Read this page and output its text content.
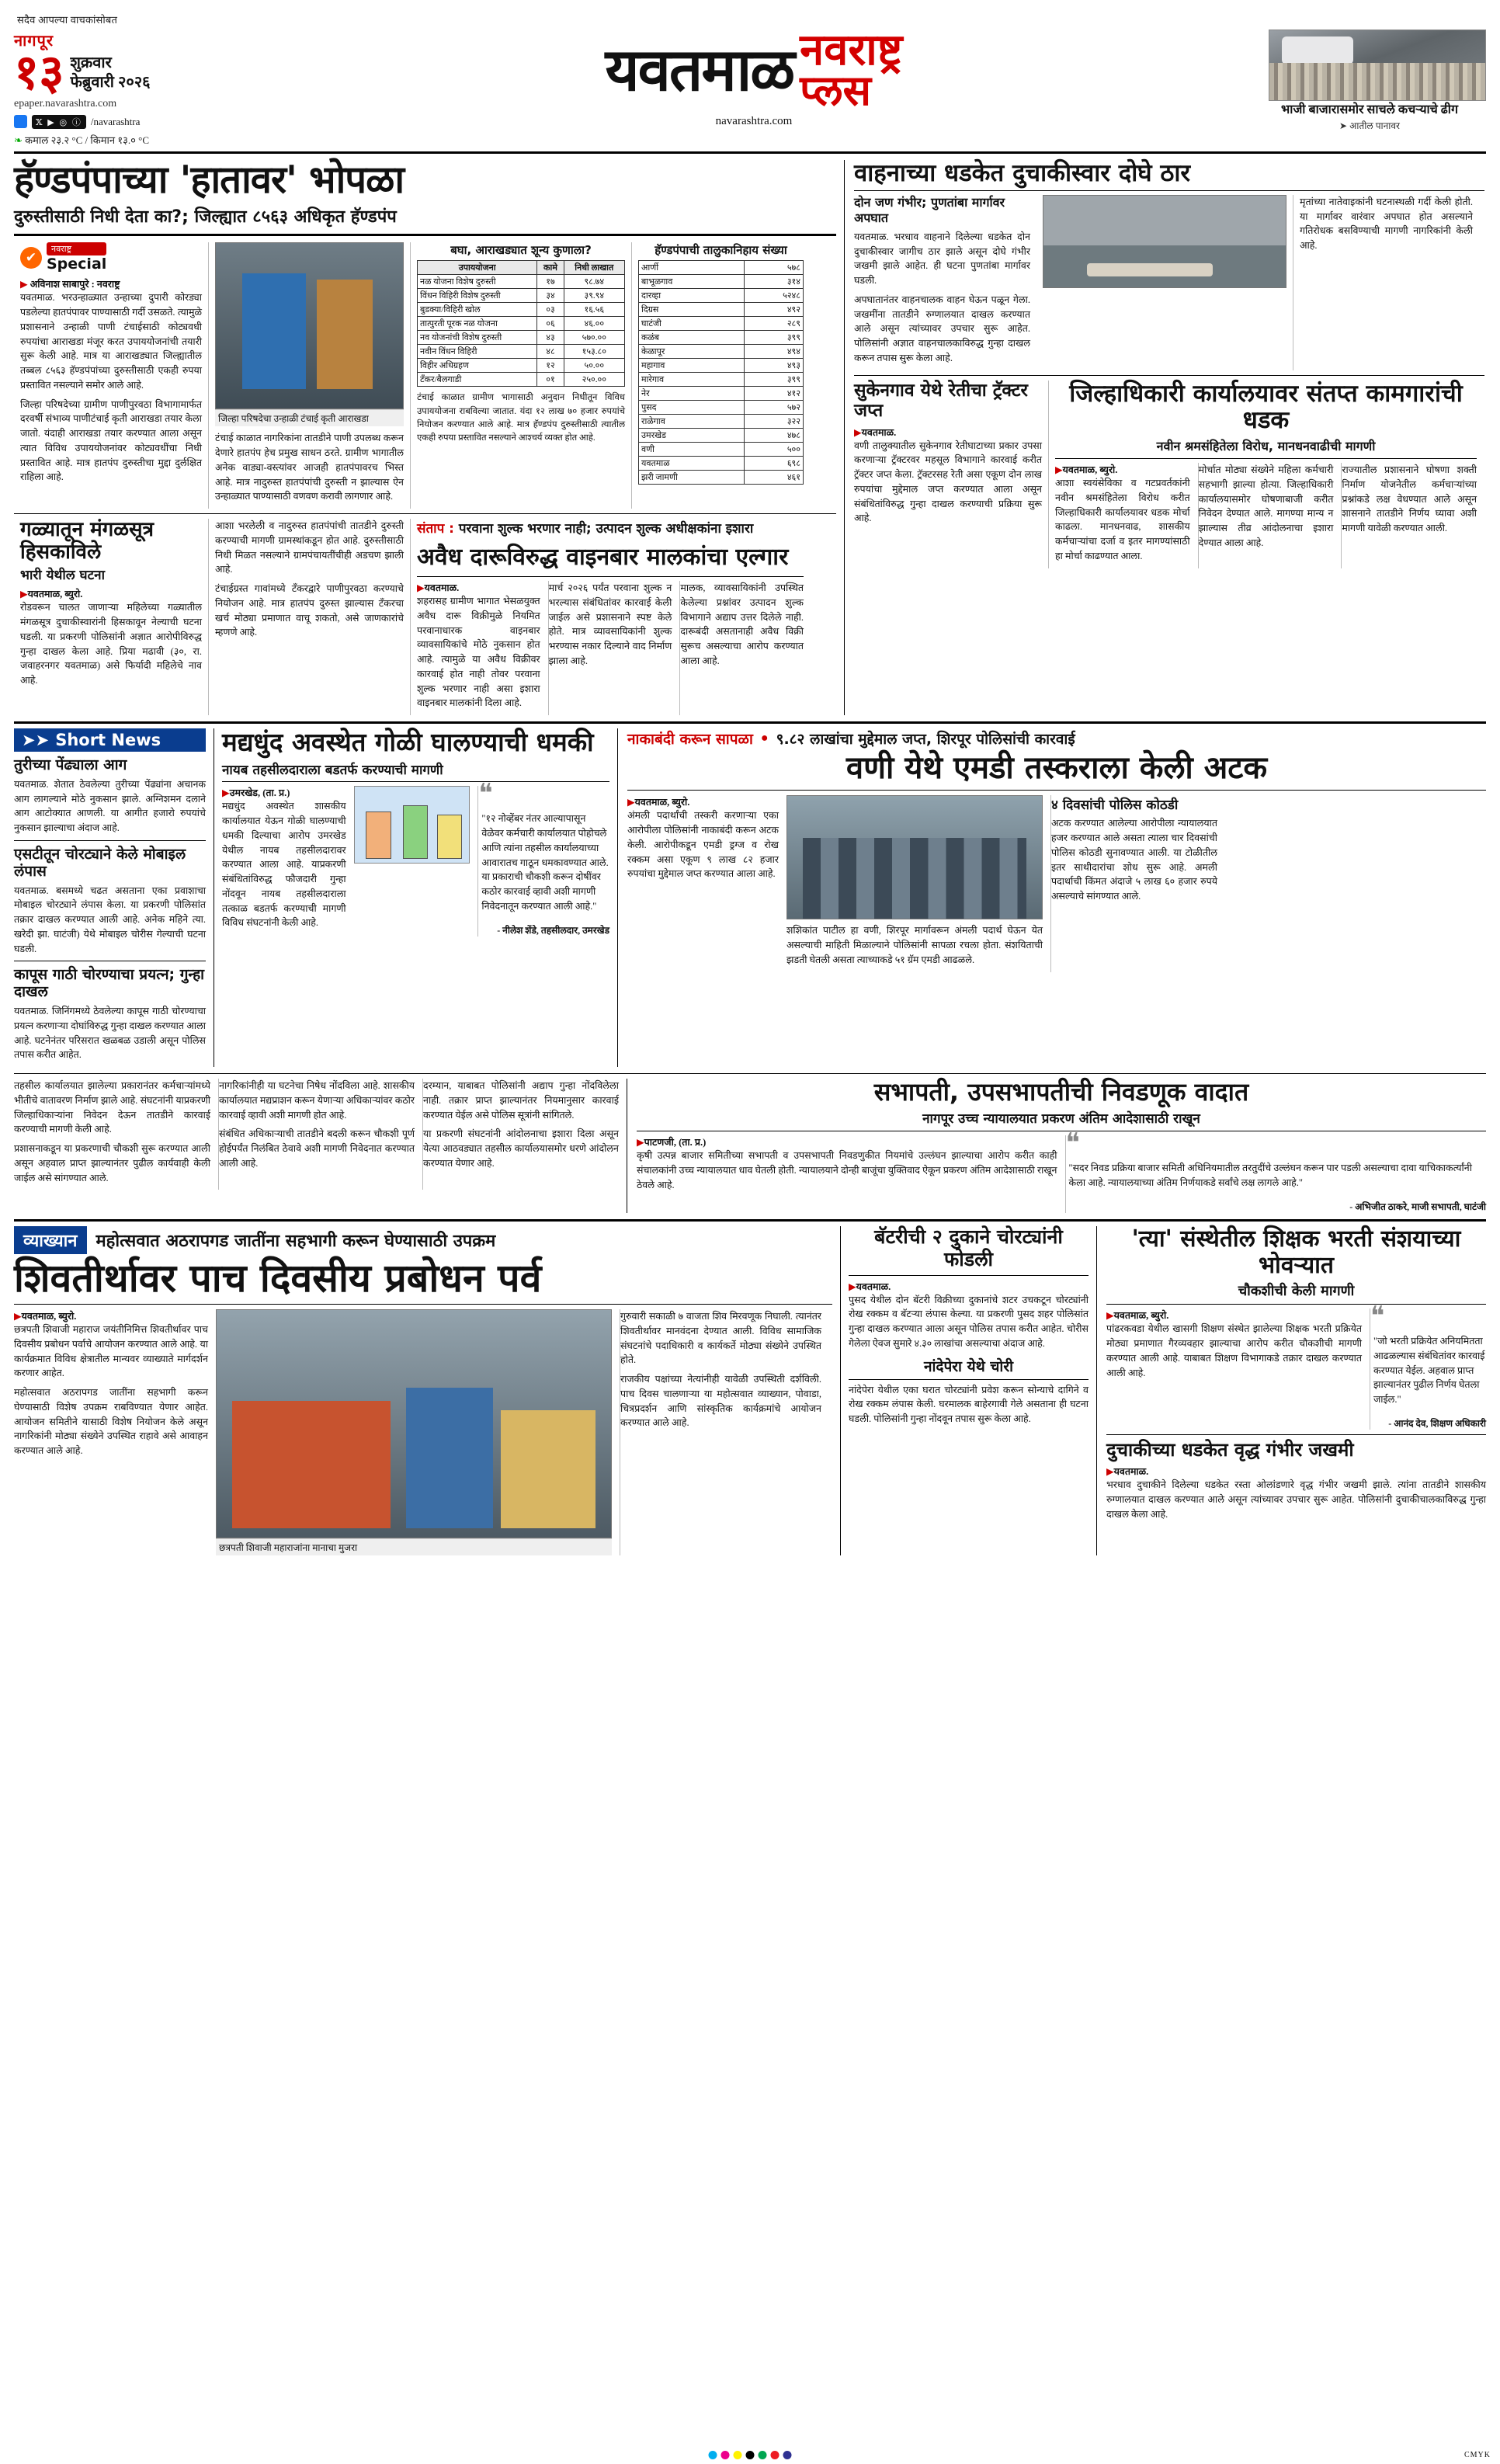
सदैव आपल्या वाचकांसोबत
नागपूर
१३ शुक्रवार
फेब्रुवारी २०२६
epaper.navarashtra.com
𝕏 ▶ ◎ ⓘ /navarashtra
❧ कमाल २३.२ °C / किमान १३.० °C
यवतमाळ नवराष्ट्र
प्लस
navarashtra.com
भाजी बाजारासमोर साचले कचऱ्याचे ढीग
➤ आतील पानावर
हॅण्डपंपाच्या 'हातावर' भोपळा
दुरुस्तीसाठी निधी देता का?; जिल्ह्यात ८५६३ अधिकृत हॅण्डपंप
✔
नवराष्ट्र
Special
▶ अविनाश साबापुरे : नवराष्ट्र

यवतमाळ. भरउन्हाळ्यात उन्हाच्या दुपारी कोरड्या पडलेल्या हातपंपावर पाण्यासाठी गर्दी उसळते. त्यामुळे प्रशासनाने उन्हाळी पाणी टंचाईसाठी कोट्यवधी रुपयांचा आराखडा मंजूर करत उपाययोजनांची तयारी सुरू केली आहे. मात्र या आराखड्यात जिल्ह्यातील तब्बल ८५६३ हॅण्डपंपांच्या दुरुस्तीसाठी एकही रुपया प्रस्तावित नसल्याने समोर आले आहे.

जिल्हा परिषदेच्या ग्रामीण पाणीपुरवठा विभागामार्फत दरवर्षी संभाव्य पाणीटंचाई कृती आराखडा तयार केला जातो. यंदाही आराखडा तयार करण्यात आला असून त्यात विविध उपाययोजनांवर कोट्यवधींचा निधी प्रस्तावित आहे. मात्र हातपंप दुरुस्तीचा मुद्दा दुर्लक्षित राहिला आहे.

जिल्हा परिषदेचा उन्हाळी टंचाई कृती आराखडा

टंचाई काळात नागरिकांना तातडीने पाणी उपलब्ध करून देणारे हातपंप हेच प्रमुख साधन ठरते. ग्रामीण भागातील अनेक वाड्या-वस्त्यांवर आजही हातपंपावरच भिस्त आहे. मात्र नादुरुस्त हातपंपांची दुरुस्ती न झाल्यास ऐन उन्हाळ्यात पाण्यासाठी वणवण करावी लागणार आहे.

बघा, आराखड्यात शून्य कुणाला?
उपाययोजना	कामे	निधी लाखात
नळ योजना विशेष दुरुस्ती	१७	९८.७४
विंधन विहिरी विशेष दुरुस्ती	३४	३९.९४
बुडक्या/विहिरी खोल	०३	१६.५६
तात्पुरती पूरक नळ योजना	०६	४६.००
नव योजनांची विशेष दुरुस्ती	४३	५७०.००
नवीन विंधन विहिरी	४८	१५३.८०
विहीर अधिग्रहण	१२	५०.००
टँकर/बैलगाडी	०१	२५०.००

टंचाई काळात ग्रामीण भागासाठी अनुदान निधीतून विविध उपाययोजना राबविल्या जातात. यंदा १२ लाख ७० हजार रुपयांचे नियोजन करण्यात आले आहे. मात्र हॅण्डपंप दुरुस्तीसाठी त्यातील एकही रुपया प्रस्तावित नसल्याने आश्चर्य व्यक्त होत आहे.

हॅण्डपंपाची तालुकानिहाय संख्या
आर्णी	५७८
बाभूळगाव	३१४
दारव्हा	५२४८
दिग्रस	४९२
घाटंजी	२८९
कळंब	३९९
केळापूर	४९४
महागाव	४९३
मारेगाव	३९९
नेर	४१२
पुसद	५७२
राळेगाव	३२२
उमरखेड	४७८
वणी	५००
यवतमाळ	६९८
झरी जामणी	४६१
गळ्यातून मंगळसूत्र हिसकाविले
भारी येथील घटना
▶यवतमाळ, ब्युरो.

रोडवरून चालत जाणाऱ्या महिलेच्या गळ्यातील मंगळसूत्र दुचाकीस्वारांनी हिसकावून नेल्याची घटना घडली. या प्रकरणी पोलिसांनी अज्ञात आरोपीविरुद्ध गुन्हा दाखल केला आहे. प्रिया मढावी (३०, रा. जवाहरनगर यवतमाळ) असे फिर्यादी महिलेचे नाव आहे.

आशा भरलेली व नादुरुस्त हातपंपांची तातडीने दुरुस्ती करण्याची मागणी ग्रामस्थांकडून होत आहे. दुरुस्तीसाठी निधी मिळत नसल्याने ग्रामपंचायतींचीही अडचण झाली आहे.

टंचाईग्रस्त गावांमध्ये टँकरद्वारे पाणीपुरवठा करण्याचे नियोजन आहे. मात्र हातपंप दुरुस्त झाल्यास टँकरचा खर्च मोठ्या प्रमाणात वाचू शकतो, असे जाणकारांचे म्हणणे आहे.

संताप : परवाना शुल्क भरणार नाही; उत्पादन शुल्क अधीक्षकांना इशारा
अवैध दारूविरुद्ध वाइनबार मालकांचा एल्गार
▶यवतमाळ.

शहरासह ग्रामीण भागात भेसळयुक्त अवैध दारू विक्रीमुळे नियमित परवानाधारक वाइनबार व्यावसायिकांचे मोठे नुकसान होत आहे. त्यामुळे या अवैध विक्रीवर कारवाई होत नाही तोवर परवाना शुल्क भरणार नाही असा इशारा वाइनबार मालकांनी दिला आहे.

मार्च २०२६ पर्यंत परवाना शुल्क न भरल्यास संबंधितांवर कारवाई केली जाईल असे प्रशासनाने स्पष्ट केले होते. मात्र व्यावसायिकांनी शुल्क भरण्यास नकार दिल्याने वाद निर्माण झाला आहे.

मालक, व्यावसायिकांनी उपस्थित केलेल्या प्रश्नांवर उत्पादन शुल्क विभागाने अद्याप उत्तर दिलेले नाही. दारूबंदी असतानाही अवैध विक्री सुरूच असल्याचा आरोप करण्यात आला आहे.

वाहनाच्या धडकेत दुचाकीस्वार दोघे ठार
दोन जण गंभीर; पुणतांबा मार्गावर अपघात

यवतमाळ. भरधाव वाहनाने दिलेल्या धडकेत दोन दुचाकीस्वार जागीच ठार झाले असून दोघे गंभीर जखमी झाले आहेत. ही घटना पुणतांबा मार्गावर घडली.

अपघातानंतर वाहनचालक वाहन घेऊन पळून गेला. जखमींना तातडीने रुग्णालयात दाखल करण्यात आले असून त्यांच्यावर उपचार सुरू आहेत. पोलिसांनी अज्ञात वाहनचालकाविरुद्ध गुन्हा दाखल करून तपास सुरू केला आहे.

मृतांच्या नातेवाइकांनी घटनास्थळी गर्दी केली होती. या मार्गावर वारंवार अपघात होत असल्याने गतिरोधक बसविण्याची मागणी नागरिकांनी केली आहे.

सुकेनगाव येथे रेतीचा ट्रॅक्टर जप्त
▶यवतमाळ.

वणी तालुक्यातील सुकेनगाव रेतीघाटाच्या प्रकार उपसा करणाऱ्या ट्रॅक्टरवर महसूल विभागाने कारवाई करीत ट्रॅक्टर जप्त केला. ट्रॅक्टरसह रेती असा एकूण दोन लाख रुपयांचा मुद्देमाल जप्त करण्यात आला असून संबंधितांविरुद्ध गुन्हा दाखल करण्याची प्रक्रिया सुरू आहे.

जिल्हाधिकारी कार्यालयावर संतप्त कामगारांची धडक
नवीन श्रमसंहितेला विरोध, मानधनवाढीची मागणी
▶यवतमाळ, ब्युरो.

आशा स्वयंसेविका व गटप्रवर्तकांनी नवीन श्रमसंहितेला विरोध करीत जिल्हाधिकारी कार्यालयावर धडक मोर्चा काढला. मानधनवाढ, शासकीय कर्मचाऱ्यांचा दर्जा व इतर मागण्यांसाठी हा मोर्चा काढण्यात आला.

मोर्चात मोठ्या संख्येने महिला कर्मचारी सहभागी झाल्या होत्या. जिल्हाधिकारी कार्यालयासमोर घोषणाबाजी करीत निवेदन देण्यात आले. मागण्या मान्य न झाल्यास तीव्र आंदोलनाचा इशारा देण्यात आला आहे.

राज्यातील प्रशासनाने घोषणा शक्ती निर्माण योजनेतील कर्मचाऱ्यांच्या प्रश्नांकडे लक्ष वेधण्यात आले असून शासनाने तातडीने निर्णय घ्यावा अशी मागणी यावेळी करण्यात आली.

➤➤ Short News
तुरीच्या पेंढ्याला आग

यवतमाळ. शेतात ठेवलेल्या तुरीच्या पेंढ्यांना अचानक आग लागल्याने मोठे नुकसान झाले. अग्निशमन दलाने आग आटोक्यात आणली. या आगीत हजारो रुपयांचे नुकसान झाल्याचा अंदाज आहे.

एसटीतून चोरट्याने केले मोबाइल लंपास

यवतमाळ. बसमध्ये चढत असताना एका प्रवाशाचा मोबाइल चोरट्याने लंपास केला. या प्रकरणी पोलिसांत तक्रार दाखल करण्यात आली आहे. अनेक महिने त्या. खरेदी झा. घाटंजी) येथे मोबाइल चोरीस गेल्याची घटना घडली.

कापूस गाठी चोरण्याचा प्रयत्न; गुन्हा दाखल

यवतमाळ. जिनिंगमध्ये ठेवलेल्या कापूस गाठी चोरण्याचा प्रयत्न करणाऱ्या दोघांविरुद्ध गुन्हा दाखल करण्यात आला आहे. घटनेनंतर परिसरात खळबळ उडाली असून पोलिस तपास करीत आहेत.

मद्यधुंद अवस्थेत गोळी घालण्याची धमकी
नायब तहसीलदाराला बडतर्फ करण्याची मागणी
▶उमरखेड, (ता. प्र.)

मद्यधुंद अवस्थेत शासकीय कार्यालयात येऊन गोळी घालण्याची धमकी दिल्याचा आरोप उमरखेड येथील नायब तहसीलदारावर करण्यात आला आहे. याप्रकरणी संबंधितांविरुद्ध फौजदारी गुन्हा नोंदवून नायब तहसीलदाराला तत्काळ बडतर्फ करण्याची मागणी विविध संघटनांनी केली आहे.

❝

"१२ नोव्हेंबर नंतर आल्यापासून वेळेवर कर्मचारी कार्यालयात पोहोचले आणि त्यांना तहसील कार्यालयाच्या आवारातच गाठून धमकावण्यात आले. या प्रकाराची चौकशी करून दोषींवर कठोर कारवाई व्हावी अशी मागणी निवेदनातून करण्यात आली आहे."

- नीलेश शेंडे, तहसीलदार, उमरखेड
नाकाबंदी करून सापळा ● ९.८२ लाखांचा मुद्देमाल जप्त, शिरपूर पोलिसांची कारवाई
वणी येथे एमडी तस्कराला केली अटक
▶यवतमाळ, ब्युरो.

अंमली पदार्थांची तस्करी करणाऱ्या एका आरोपीला पोलिसांनी नाकाबंदी करून अटक केली. आरोपीकडून एमडी ड्रग्ज व रोख रक्कम असा एकूण ९ लाख ८२ हजार रुपयांचा मुद्देमाल जप्त करण्यात आला आहे.

शशिकांत पाटील हा वणी, शिरपूर मार्गावरून अंमली पदार्थ घेऊन येत असल्याची माहिती मिळाल्याने पोलिसांनी सापळा रचला होता. संशयिताची झडती घेतली असता त्याच्याकडे ५१ ग्रॅम एमडी आढळले.

४ दिवसांची पोलिस कोठडी

अटक करण्यात आलेल्या आरोपीला न्यायालयात हजर करण्यात आले असता त्याला चार दिवसांची पोलिस कोठडी सुनावण्यात आली. या टोळीतील इतर साथीदारांचा शोध सुरू आहे. अमली पदार्थाची किंमत अंदाजे ५ लाख ६० हजार रुपये असल्याचे सांगण्यात आले.

तहसील कार्यालयात झालेल्या प्रकारानंतर कर्मचाऱ्यांमध्ये भीतीचे वातावरण निर्माण झाले आहे. संघटनांनी याप्रकरणी जिल्हाधिकाऱ्यांना निवेदन देऊन तातडीने कारवाई करण्याची मागणी केली आहे.

प्रशासनाकडून या प्रकरणाची चौकशी सुरू करण्यात आली असून अहवाल प्राप्त झाल्यानंतर पुढील कार्यवाही केली जाईल असे सांगण्यात आले.

नागरिकांनीही या घटनेचा निषेध नोंदविला आहे. शासकीय कार्यालयात मद्यप्राशन करून येणाऱ्या अधिकाऱ्यांवर कठोर कारवाई व्हावी अशी मागणी होत आहे.

संबंधित अधिकाऱ्याची तातडीने बदली करून चौकशी पूर्ण होईपर्यंत निलंबित ठेवावे अशी मागणी निवेदनात करण्यात आली आहे.

दरम्यान, याबाबत पोलिसांनी अद्याप गुन्हा नोंदविलेला नाही. तक्रार प्राप्त झाल्यानंतर नियमानुसार कारवाई करण्यात येईल असे पोलिस सूत्रांनी सांगितले.

या प्रकरणी संघटनांनी आंदोलनाचा इशारा दिला असून येत्या आठवड्यात तहसील कार्यालयासमोर धरणे आंदोलन करण्यात येणार आहे.

सभापती, उपसभापतीची निवडणूक वादात
नागपूर उच्च न्यायालयात प्रकरण अंतिम आदेशासाठी राखून
▶पाटणजी, (ता. प्र.)

कृषी उत्पन्न बाजार समितीच्या सभापती व उपसभापती निवडणुकीत नियमांचे उल्लंघन झाल्याचा आरोप करीत काही संचालकांनी उच्च न्यायालयात धाव घेतली होती. न्यायालयाने दोन्ही बाजूंचा युक्तिवाद ऐकून प्रकरण अंतिम आदेशासाठी राखून ठेवले आहे.

❝

"सदर निवड प्रक्रिया बाजार समिती अधिनियमातील तरतुदींचे उल्लंघन करून पार पडली असल्याचा दावा याचिकाकर्त्यांनी केला आहे. न्यायालयाच्या अंतिम निर्णयाकडे सर्वांचे लक्ष लागले आहे."

- अभिजीत ठाकरे, माजी सभापती, घाटंजी
व्याख्यान	महोत्सवात अठरापगड जातींना सहभागी करून घेण्यासाठी उपक्रम
शिवतीर्थावर पाच दिवसीय प्रबोधन पर्व
▶यवतमाळ, ब्युरो.

छत्रपती शिवाजी महाराज जयंतीनिमित्त शिवतीर्थावर पाच दिवसीय प्रबोधन पर्वाचे आयोजन करण्यात आले आहे. या कार्यक्रमात विविध क्षेत्रातील मान्यवर व्याख्याते मार्गदर्शन करणार आहेत.

महोत्सवात अठरापगड जातींना सहभागी करून घेण्यासाठी विशेष उपक्रम राबविण्यात येणार आहेत. आयोजन समितीने यासाठी विशेष नियोजन केले असून नागरिकांनी मोठ्या संख्येने उपस्थित राहावे असे आवाहन करण्यात आले आहे.

छत्रपती शिवाजी महाराजांना मानाचा मुजरा

गुरुवारी सकाळी ७ वाजता शिव मिरवणूक निघाली. त्यानंतर शिवतीर्थावर मानवंदना देण्यात आली. विविध सामाजिक संघटनांचे पदाधिकारी व कार्यकर्ते मोठ्या संख्येने उपस्थित होते.

राजकीय पक्षांच्या नेत्यांनीही यावेळी उपस्थिती दर्शविली. पाच दिवस चालणाऱ्या या महोत्सवात व्याख्यान, पोवाडा, चित्रप्रदर्शन आणि सांस्कृतिक कार्यक्रमांचे आयोजन करण्यात आले आहे.

बॅटरीची २ दुकाने चोरट्यांनी फोडली
▶यवतमाळ.

पुसद येथील दोन बॅटरी विक्रीच्या दुकानांचे शटर उचकटून चोरट्यांनी रोख रक्कम व बॅटऱ्या लंपास केल्या. या प्रकरणी पुसद शहर पोलिसांत गुन्हा दाखल करण्यात आला असून पोलिस तपास करीत आहेत. चोरीस गेलेला ऐवज सुमारे ४.३० लाखांचा असल्याचा अंदाज आहे.

नांदेपेरा येथे चोरी

नांदेपेरा येथील एका घरात चोरट्यांनी प्रवेश करून सोन्याचे दागिने व रोख रक्कम लंपास केली. घरमालक बाहेरगावी गेले असताना ही घटना घडली. पोलिसांनी गुन्हा नोंदवून तपास सुरू केला आहे.

'त्या' संस्थेतील शिक्षक भरती संशयाच्या भोवऱ्यात
चौकशीची केली मागणी
▶यवतमाळ, ब्युरो.

पांढरकवडा येथील खासगी शिक्षण संस्थेत झालेल्या शिक्षक भरती प्रक्रियेत मोठ्या प्रमाणात गैरव्यवहार झाल्याचा आरोप करीत चौकशीची मागणी करण्यात आली आहे. याबाबत शिक्षण विभागाकडे तक्रार दाखल करण्यात आली आहे.

❝

"जो भरती प्रक्रियेत अनियमितता आढळल्यास संबंधितांवर कारवाई करण्यात येईल. अहवाल प्राप्त झाल्यानंतर पुढील निर्णय घेतला जाईल."

- आनंद देव, शिक्षण अधिकारी
दुचाकीच्या धडकेत वृद्ध गंभीर जखमी
▶यवतमाळ.

भरधाव दुचाकीने दिलेल्या धडकेत रस्ता ओलांडणारे वृद्ध गंभीर जखमी झाले. त्यांना तातडीने शासकीय रुग्णालयात दाखल करण्यात आले असून त्यांच्यावर उपचार सुरू आहेत. पोलिसांनी दुचाकीचालकाविरुद्ध गुन्हा दाखल केला आहे.

CMYK
